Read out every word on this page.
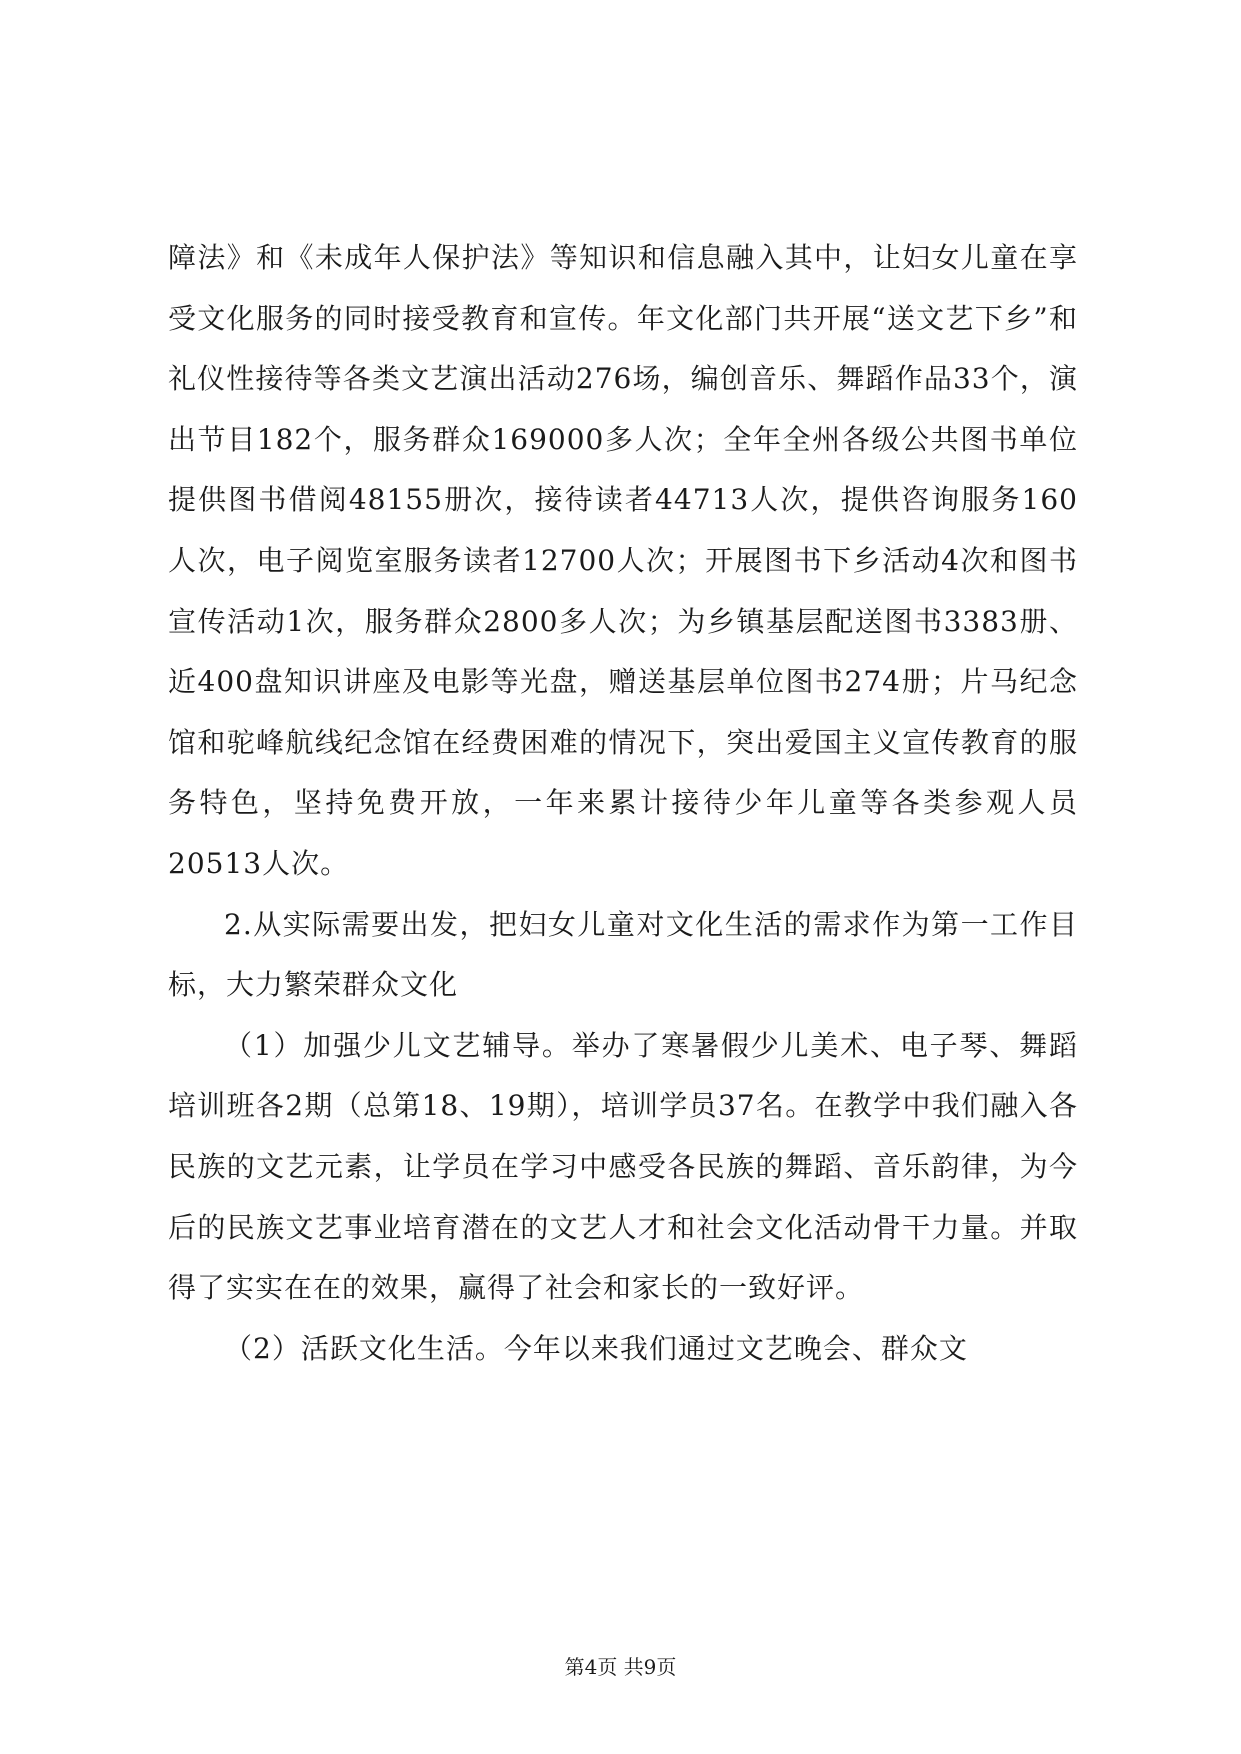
障法》和《未成年人保护法》等知识和信息融入其中，让妇女儿童在享受文化服务的同时接受教育和宣传。年文化部门共开展“送文艺下乡”和礼仪性接待等各类文艺演出活动276场，编创音乐、舞蹈作品33个，演出节目182个，服务群众169000多人次；全年全州各级公共图书单位提供图书借阅48155册次，接待读者44713人次，提供咨询服务160人次，电子阅览室服务读者12700人次；开展图书下乡活动4次和图书宣传活动1次，服务群众2800多人次；为乡镇基层配送图书3383册、近400盘知识讲座及电影等光盘，赠送基层单位图书274册；片马纪念馆和驼峰航线纪念馆在经费困难的情况下，突出爱国主义宣传教育的服务特色，坚持免费开放，一年来累计接待少年儿童等各类参观人员20513人次。

2.从实际需要出发，把妇女儿童对文化生活的需求作为第一工作目标，大力繁荣群众文化

（1）加强少儿文艺辅导。举办了寒暑假少儿美术、电子琴、舞蹈培训班各2期（总第18、19期），培训学员37名。在教学中我们融入各民族的文艺元素，让学员在学习中感受各民族的舞蹈、音乐韵律，为今后的民族文艺事业培育潜在的文艺人才和社会文化活动骨干力量。并取得了实实在在的效果，赢得了社会和家长的一致好评。

（2）活跃文化生活。今年以来我们通过文艺晚会、群众文

第4页 共9页
